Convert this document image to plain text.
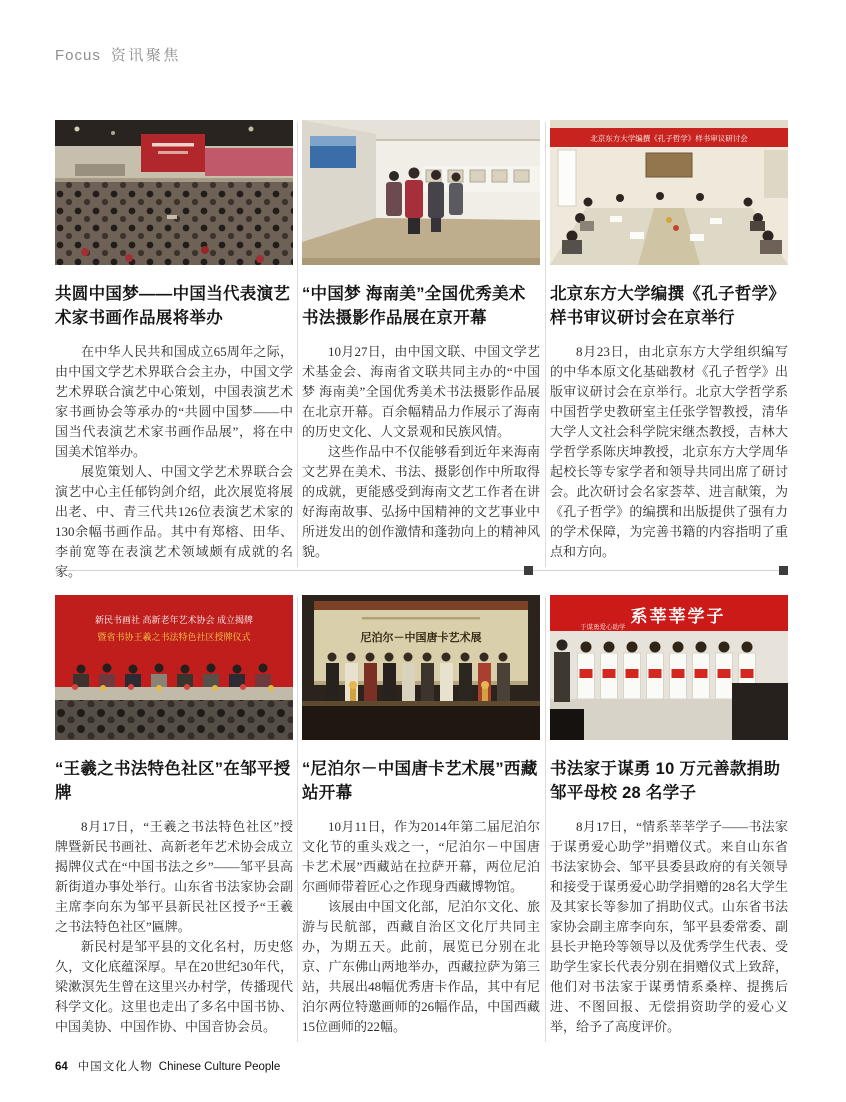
Focus 资讯聚焦
共圆中国梦——中国当代表演艺术家书画作品展将举办

在中华人民共和国成立65周年之际，由中国文学艺术界联合会主办，中国文学艺术界联合演艺中心策划，中国表演艺术家书画协会等承办的“共圆中国梦——中国当代表演艺术家书画作品展”，将在中国美术馆举办。

展览策划人、中国文学艺术界联合会演艺中心主任郁钧剑介绍，此次展览将展出老、中、青三代共126位表演艺术家的130余幅书画作品。其中有郑榕、田华、李前宽等在表演艺术领域颇有成就的名家。

“中国梦 海南美”全国优秀美术书法摄影作品展在京开幕

10月27日，由中国文联、中国文学艺术基金会、海南省文联共同主办的“中国梦 海南美”全国优秀美术书法摄影作品展在北京开幕。百余幅精品力作展示了海南的历史文化、人文景观和民族风情。

这些作品中不仅能够看到近年来海南文艺界在美术、书法、摄影创作中所取得的成就，更能感受到海南文艺工作者在讲好海南故事、弘扬中国精神的文艺事业中所迸发出的创作激情和蓬勃向上的精神风貌。

北京东方大学编撰《孔子哲学》样书审议研讨会
北京东方大学编撰《孔子哲学》样书审议研讨会在京举行

8月23日，由北京东方大学组织编写的中华本原文化基础教材《孔子哲学》出版审议研讨会在京举行。北京大学哲学系中国哲学史教研室主任张学智教授，清华大学人文社会科学院宋继杰教授，吉林大学哲学系陈庆坤教授，北京东方大学周华起校长等专家学者和领导共同出席了研讨会。此次研讨会名家荟萃、进言献策，为《孔子哲学》的编撰和出版提供了强有力的学术保障，为完善书籍的内容指明了重点和方向。

新民书画社 高新老年艺术协会 成立揭牌
暨省书协王羲之书法特色社区授牌仪式
“王羲之书法特色社区”在邹平授牌

8月17日，“王羲之书法特色社区”授牌暨新民书画社、高新老年艺术协会成立揭牌仪式在“中国书法之乡”——邹平县高新街道办事处举行。山东省书法家协会副主席李向东为邹平县新民社区授予“王羲之书法特色社区”匾牌。

新民村是邹平县的文化名村，历史悠久，文化底蕴深厚。早在20世纪30年代，梁漱溟先生曾在这里兴办村学，传播现代科学文化。这里也走出了多名中国书协、中国美协、中国作协、中国音协会员。

尼泊尔－中国唐卡艺术展
“尼泊尔－中国唐卡艺术展”西藏站开幕

10月11日，作为2014年第二届尼泊尔文化节的重头戏之一，“尼泊尔－中国唐卡艺术展”西藏站在拉萨开幕，两位尼泊尔画师带着匠心之作现身西藏博物馆。

该展由中国文化部，尼泊尔文化、旅游与民航部，西藏自治区文化厅共同主办，为期五天。此前，展览已分别在北京、广东佛山两地举办，西藏拉萨为第三站，共展出48幅优秀唐卡作品，其中有尼泊尔两位特邀画师的26幅作品，中国西藏15位画师的22幅。

系莘莘学子
于谋勇爱心助学
书法家于谋勇 10 万元善款捐助邹平母校 28 名学子

8月17日，“情系莘莘学子——书法家于谋勇爱心助学”捐赠仪式。来自山东省书法家协会、邹平县委县政府的有关领导和接受于谋勇爱心助学捐赠的28名大学生及其家长等参加了捐助仪式。山东省书法家协会副主席李向东，邹平县委常委、副县长尹艳玲等领导以及优秀学生代表、受助学生家长代表分别在捐赠仪式上致辞，他们对书法家于谋勇情系桑梓、提携后进、不图回报、无偿捐资助学的爱心义举，给予了高度评价。

64 中国文化人物 Chinese Culture People
